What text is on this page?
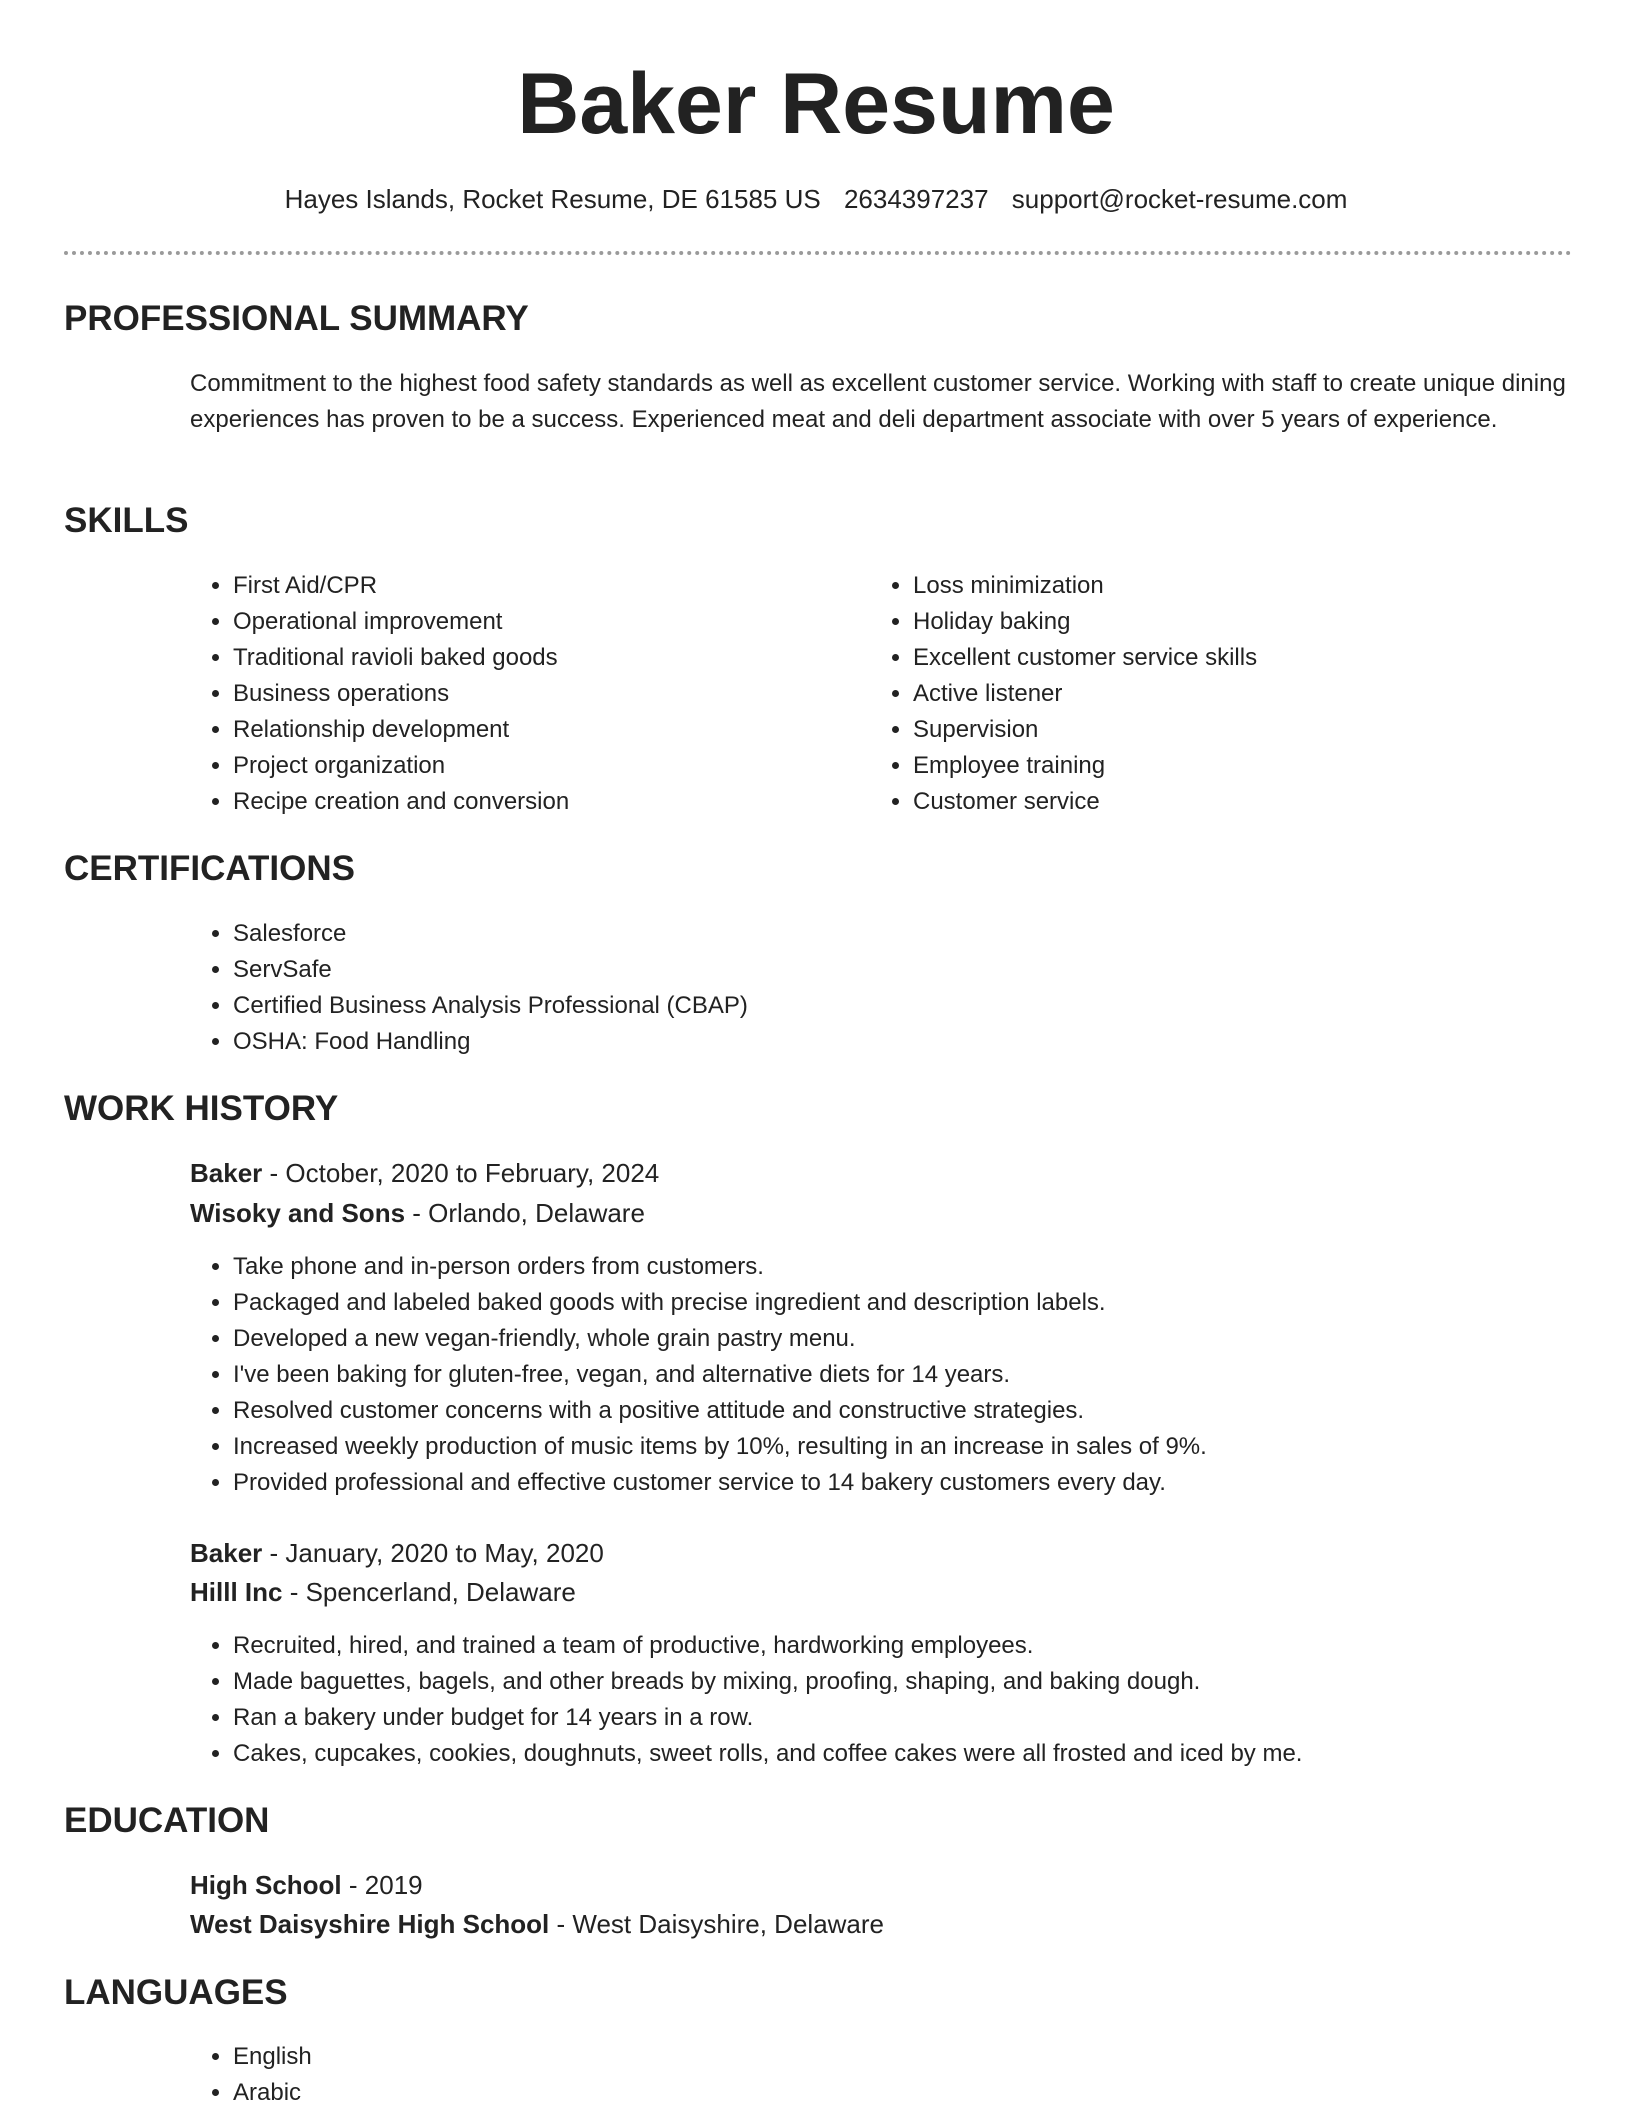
Baker Resume
Hayes Islands, Rocket Resume, DE 61585 US 2634397237 support@rocket-resume.com
PROFESSIONAL SUMMARY
Commitment to the highest food safety standards as well as excellent customer service. Working with staff to create unique dining experiences has proven to be a success. Experienced meat and deli department associate with over 5 years of experience.
SKILLS
• First Aid/CPR
• Operational improvement
• Traditional ravioli baked goods
• Business operations
• Relationship development
• Project organization
• Recipe creation and conversion
• Loss minimization
• Holiday baking
• Excellent customer service skills
• Active listener
• Supervision
• Employee training
• Customer service
CERTIFICATIONS
• Salesforce
• ServSafe
• Certified Business Analysis Professional (CBAP)
• OSHA: Food Handling
WORK HISTORY
Baker - October, 2020 to February, 2024
Wisoky and Sons - Orlando, Delaware
• Take phone and in-person orders from customers.
• Packaged and labeled baked goods with precise ingredient and description labels.
• Developed a new vegan-friendly, whole grain pastry menu.
• I've been baking for gluten-free, vegan, and alternative diets for 14 years.
• Resolved customer concerns with a positive attitude and constructive strategies.
• Increased weekly production of music items by 10%, resulting in an increase in sales of 9%.
• Provided professional and effective customer service to 14 bakery customers every day.
Baker - January, 2020 to May, 2020
Hilll Inc - Spencerland, Delaware
• Recruited, hired, and trained a team of productive, hardworking employees.
• Made baguettes, bagels, and other breads by mixing, proofing, shaping, and baking dough.
• Ran a bakery under budget for 14 years in a row.
• Cakes, cupcakes, cookies, doughnuts, sweet rolls, and coffee cakes were all frosted and iced by me.
EDUCATION
High School - 2019
West Daisyshire High School - West Daisyshire, Delaware
LANGUAGES
• English
• Arabic
